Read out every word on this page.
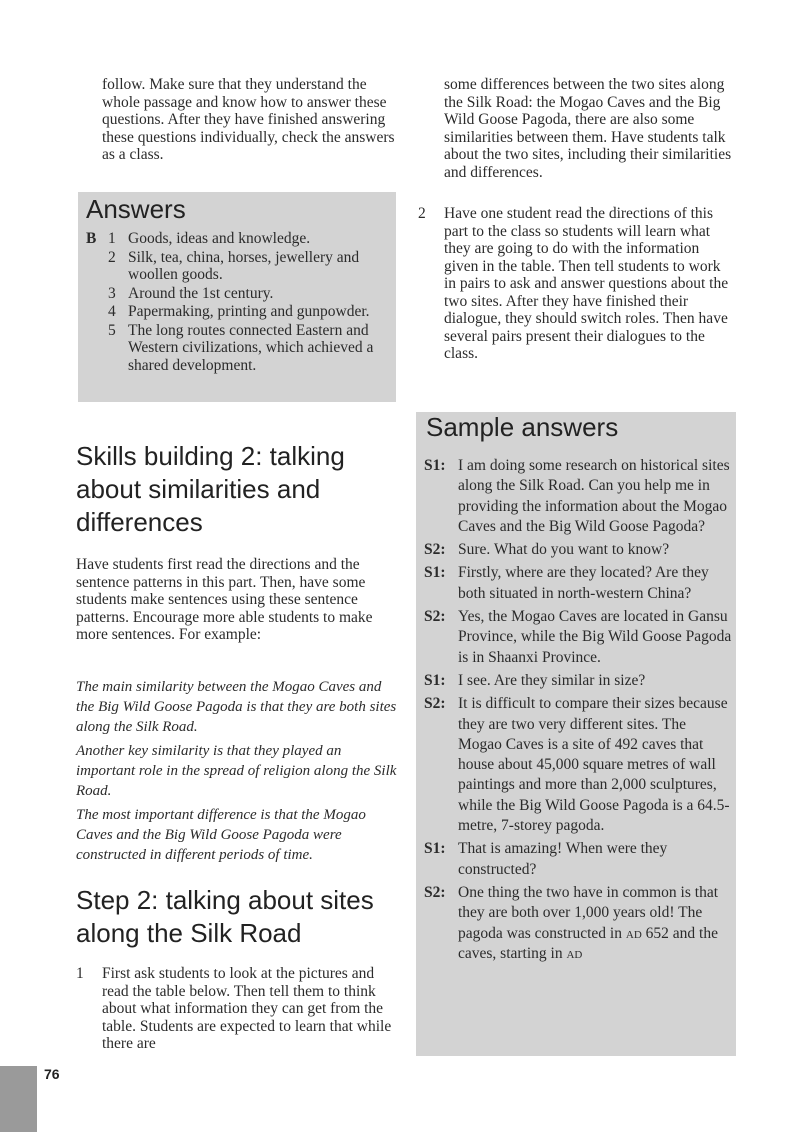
follow. Make sure that they understand the whole passage and know how to answer these questions. After they have finished answering these questions individually, check the answers as a class.
Answers
B 1 Goods, ideas and knowledge.
2 Silk, tea, china, horses, jewellery and woollen goods.
3 Around the 1st century.
4 Papermaking, printing and gunpowder.
5 The long routes connected Eastern and Western civilizations, which achieved a shared development.
Skills building 2: talking about similarities and differences
Have students first read the directions and the sentence patterns in this part. Then, have some students make sentences using these sentence patterns. Encourage more able students to make more sentences. For example:

The main similarity between the Mogao Caves and the Big Wild Goose Pagoda is that they are both sites along the Silk Road.

Another key similarity is that they played an important role in the spread of religion along the Silk Road.

The most important difference is that the Mogao Caves and the Big Wild Goose Pagoda were constructed in different periods of time.

Step 2: talking about sites along the Silk Road
1 First ask students to look at the pictures and read the table below. Then tell them to think about what information they can get from the table. Students are expected to learn that while there are
some differences between the two sites along the Silk Road: the Mogao Caves and the Big Wild Goose Pagoda, there are also some similarities between them. Have students talk about the two sites, including their similarities and differences.
2 Have one student read the directions of this part to the class so students will learn what they are going to do with the information given in the table. Then tell students to work in pairs to ask and answer questions about the two sites. After they have finished their dialogue, they should switch roles. Then have several pairs present their dialogues to the class.
Sample answers
S1: I am doing some research on historical sites along the Silk Road. Can you help me in providing the information about the Mogao Caves and the Big Wild Goose Pagoda?
S2: Sure. What do you want to know?
S1: Firstly, where are they located? Are they both situated in north-western China?
S2: Yes, the Mogao Caves are located in Gansu Province, while the Big Wild Goose Pagoda is in Shaanxi Province.
S1: I see. Are they similar in size?
S2: It is difficult to compare their sizes because they are two very different sites. The Mogao Caves is a site of 492 caves that house about 45,000 square metres of wall paintings and more than 2,000 sculptures, while the Big Wild Goose Pagoda is a 64.5-metre, 7-storey pagoda.
S1: That is amazing! When were they constructed?
S2: One thing the two have in common is that they are both over 1,000 years old! The pagoda was constructed in ad 652 and the caves, starting in ad
76
